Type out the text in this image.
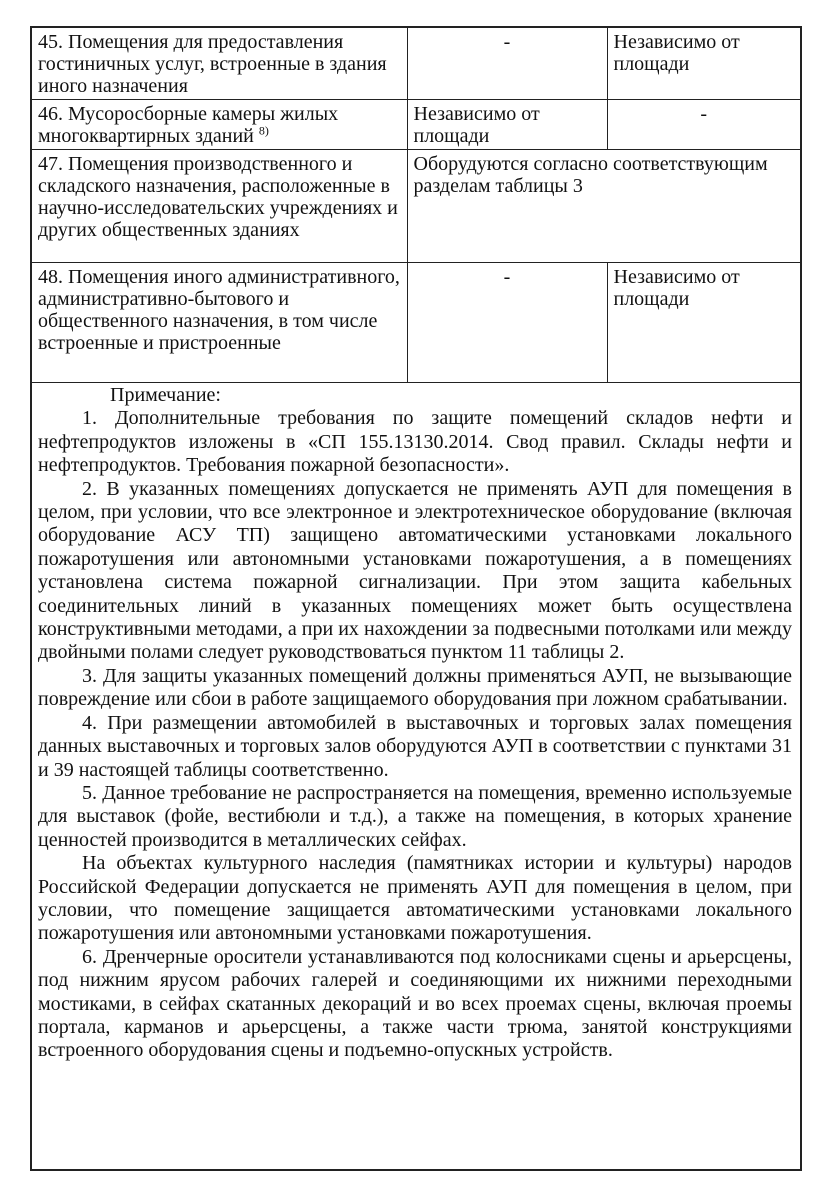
45. Помещения для предоставления гостиничных услуг, встроенные в здания иного назначения	-	Независимо от площади
46. Мусоросборные камеры жилых многоквартирных зданий $^{8)}$	Независимо от площади	-
47. Помещения производственного и складского назначения, расположенные в научно-исследовательских учреждениях и других общественных зданиях	Оборудуются согласно соответствующим разделам таблицы 3	
48. Помещения иного административного, административно-бытового и общественного назначения, в том числе встроенные и пристроенные	-	Независимо от площади

Примечание:

1. Дополнительные требования по защите помещений складов нефти и нефтепродуктов изложены в «СП 155.13130.2014. Свод правил. Склады нефти и нефтепродуктов. Требования пожарной безопасности».

2. В указанных помещениях допускается не применять АУП для помещения в целом, при условии, что все электронное и электротехническое оборудование (включая оборудование АСУ ТП) защищено автоматическими установками локального пожаротушения или автономными установками пожаротушения, а в помещениях установлена система пожарной сигнализации. При этом защита кабельных соединительных линий в указанных помещениях может быть осуществлена конструктивными методами, а при их нахождении за подвесными потолками или между двойными полами следует руководствоваться пунктом 11 таблицы 2.

3. Для защиты указанных помещений должны применяться АУП, не вызывающие повреждение или сбои в работе защищаемого оборудования при ложном срабатывании.

4. При размещении автомобилей в выставочных и торговых залах помещения данных выставочных и торговых залов оборудуются АУП в соответствии с пунктами 31 и 39 настоящей таблицы соответственно.

5. Данное требование не распространяется на помещения, временно используемые для выставок (фойе, вестибюли и т.д.), а также на помещения, в которых хранение ценностей производится в металлических сейфах.

На объектах культурного наследия (памятниках истории и культуры) народов Российской Федерации допускается не применять АУП для помещения в целом, при условии, что помещение защищается автоматическими установками локального пожаротушения или автономными установками пожаротушения.

6. Дренчерные оросители устанавливаются под колосниками сцены и арьерсцены, под нижним ярусом рабочих галерей и соединяющими их нижними переходными мостиками, в сейфах скатанных декораций и во всех проемах сцены, включая проемы портала, карманов и арьерсцены, а также части трюма, занятой конструкциями встроенного оборудования сцены и подъемно-опускных устройств.
